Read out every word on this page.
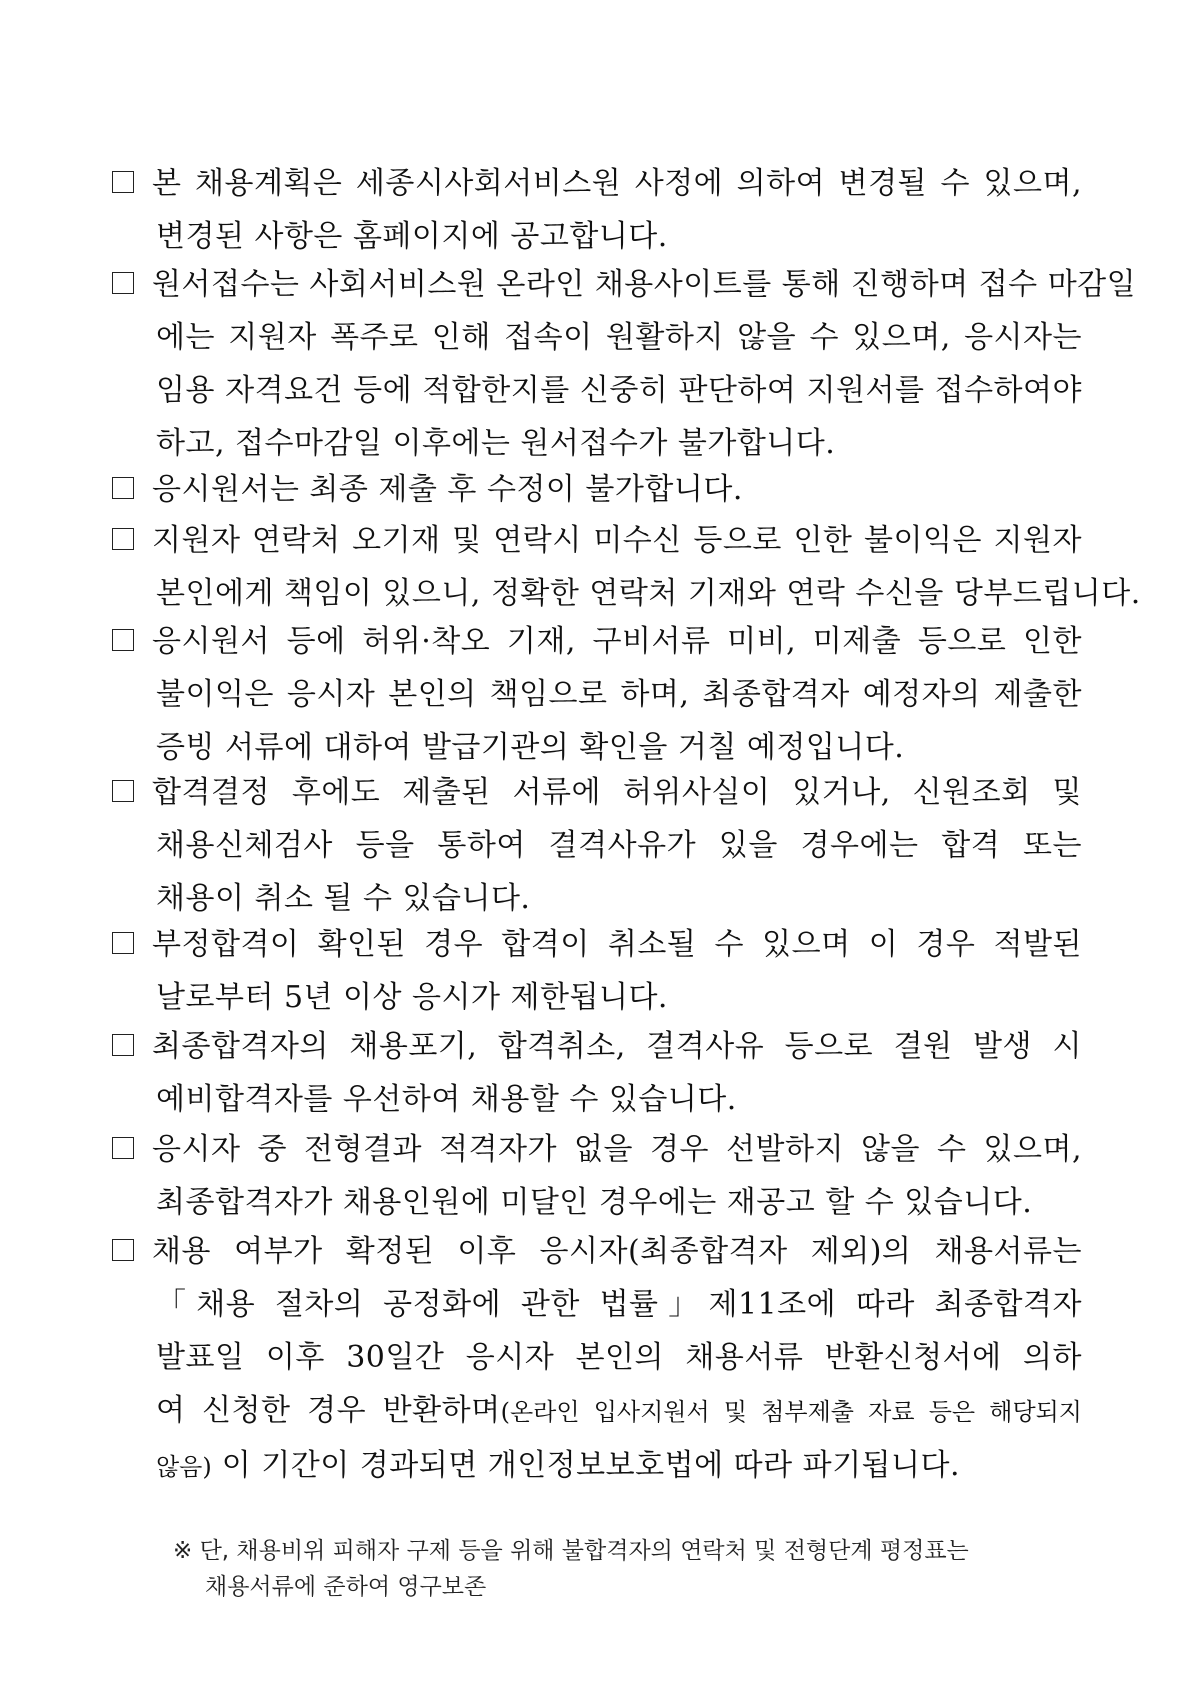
본 채용계획은 세종시사회서비스원 사정에 의하여 변경될 수 있으며,
변경된 사항은 홈페이지에 공고합니다.
원서접수는 사회서비스원 온라인 채용사이트를 통해 진행하며 접수 마감일
에는 지원자 폭주로 인해 접속이 원활하지 않을 수 있으며, 응시자는
임용 자격요건 등에 적합한지를 신중히 판단하여 지원서를 접수하여야
하고, 접수마감일 이후에는 원서접수가 불가합니다.
응시원서는 최종 제출 후 수정이 불가합니다.
지원자 연락처 오기재 및 연락시 미수신 등으로 인한 불이익은 지원자
본인에게 책임이 있으니, 정확한 연락처 기재와 연락 수신을 당부드립니다.
응시원서 등에 허위·착오 기재, 구비서류 미비, 미제출 등으로 인한
불이익은 응시자 본인의 책임으로 하며, 최종합격자 예정자의 제출한
증빙 서류에 대하여 발급기관의 확인을 거칠 예정입니다.
합격결정 후에도 제출된 서류에 허위사실이 있거나, 신원조회 및
채용신체검사 등을 통하여 결격사유가 있을 경우에는 합격 또는
채용이 취소 될 수 있습니다.
부정합격이 확인된 경우 합격이 취소될 수 있으며 이 경우 적발된
날로부터 5년 이상 응시가 제한됩니다.
최종합격자의 채용포기, 합격취소, 결격사유 등으로 결원 발생 시
예비합격자를 우선하여 채용할 수 있습니다.
응시자 중 전형결과 적격자가 없을 경우 선발하지 않을 수 있으며,
최종합격자가 채용인원에 미달인 경우에는 재공고 할 수 있습니다.
채용 여부가 확정된 이후 응시자(최종합격자 제외)의 채용서류는
「채용 절차의 공정화에 관한 법률」제11조에 따라 최종합격자
발표일 이후 30일간 응시자 본인의 채용서류 반환신청서에 의하
여 신청한 경우 반환하며(온라인 입사지원서 및 첨부제출 자료 등은 해당되지
않음) 이 기간이 경과되면 개인정보보호법에 따라 파기됩니다.
※ 단, 채용비위 피해자 구제 등을 위해 불합격자의 연락처 및 전형단계 평정표는
채용서류에 준하여 영구보존
